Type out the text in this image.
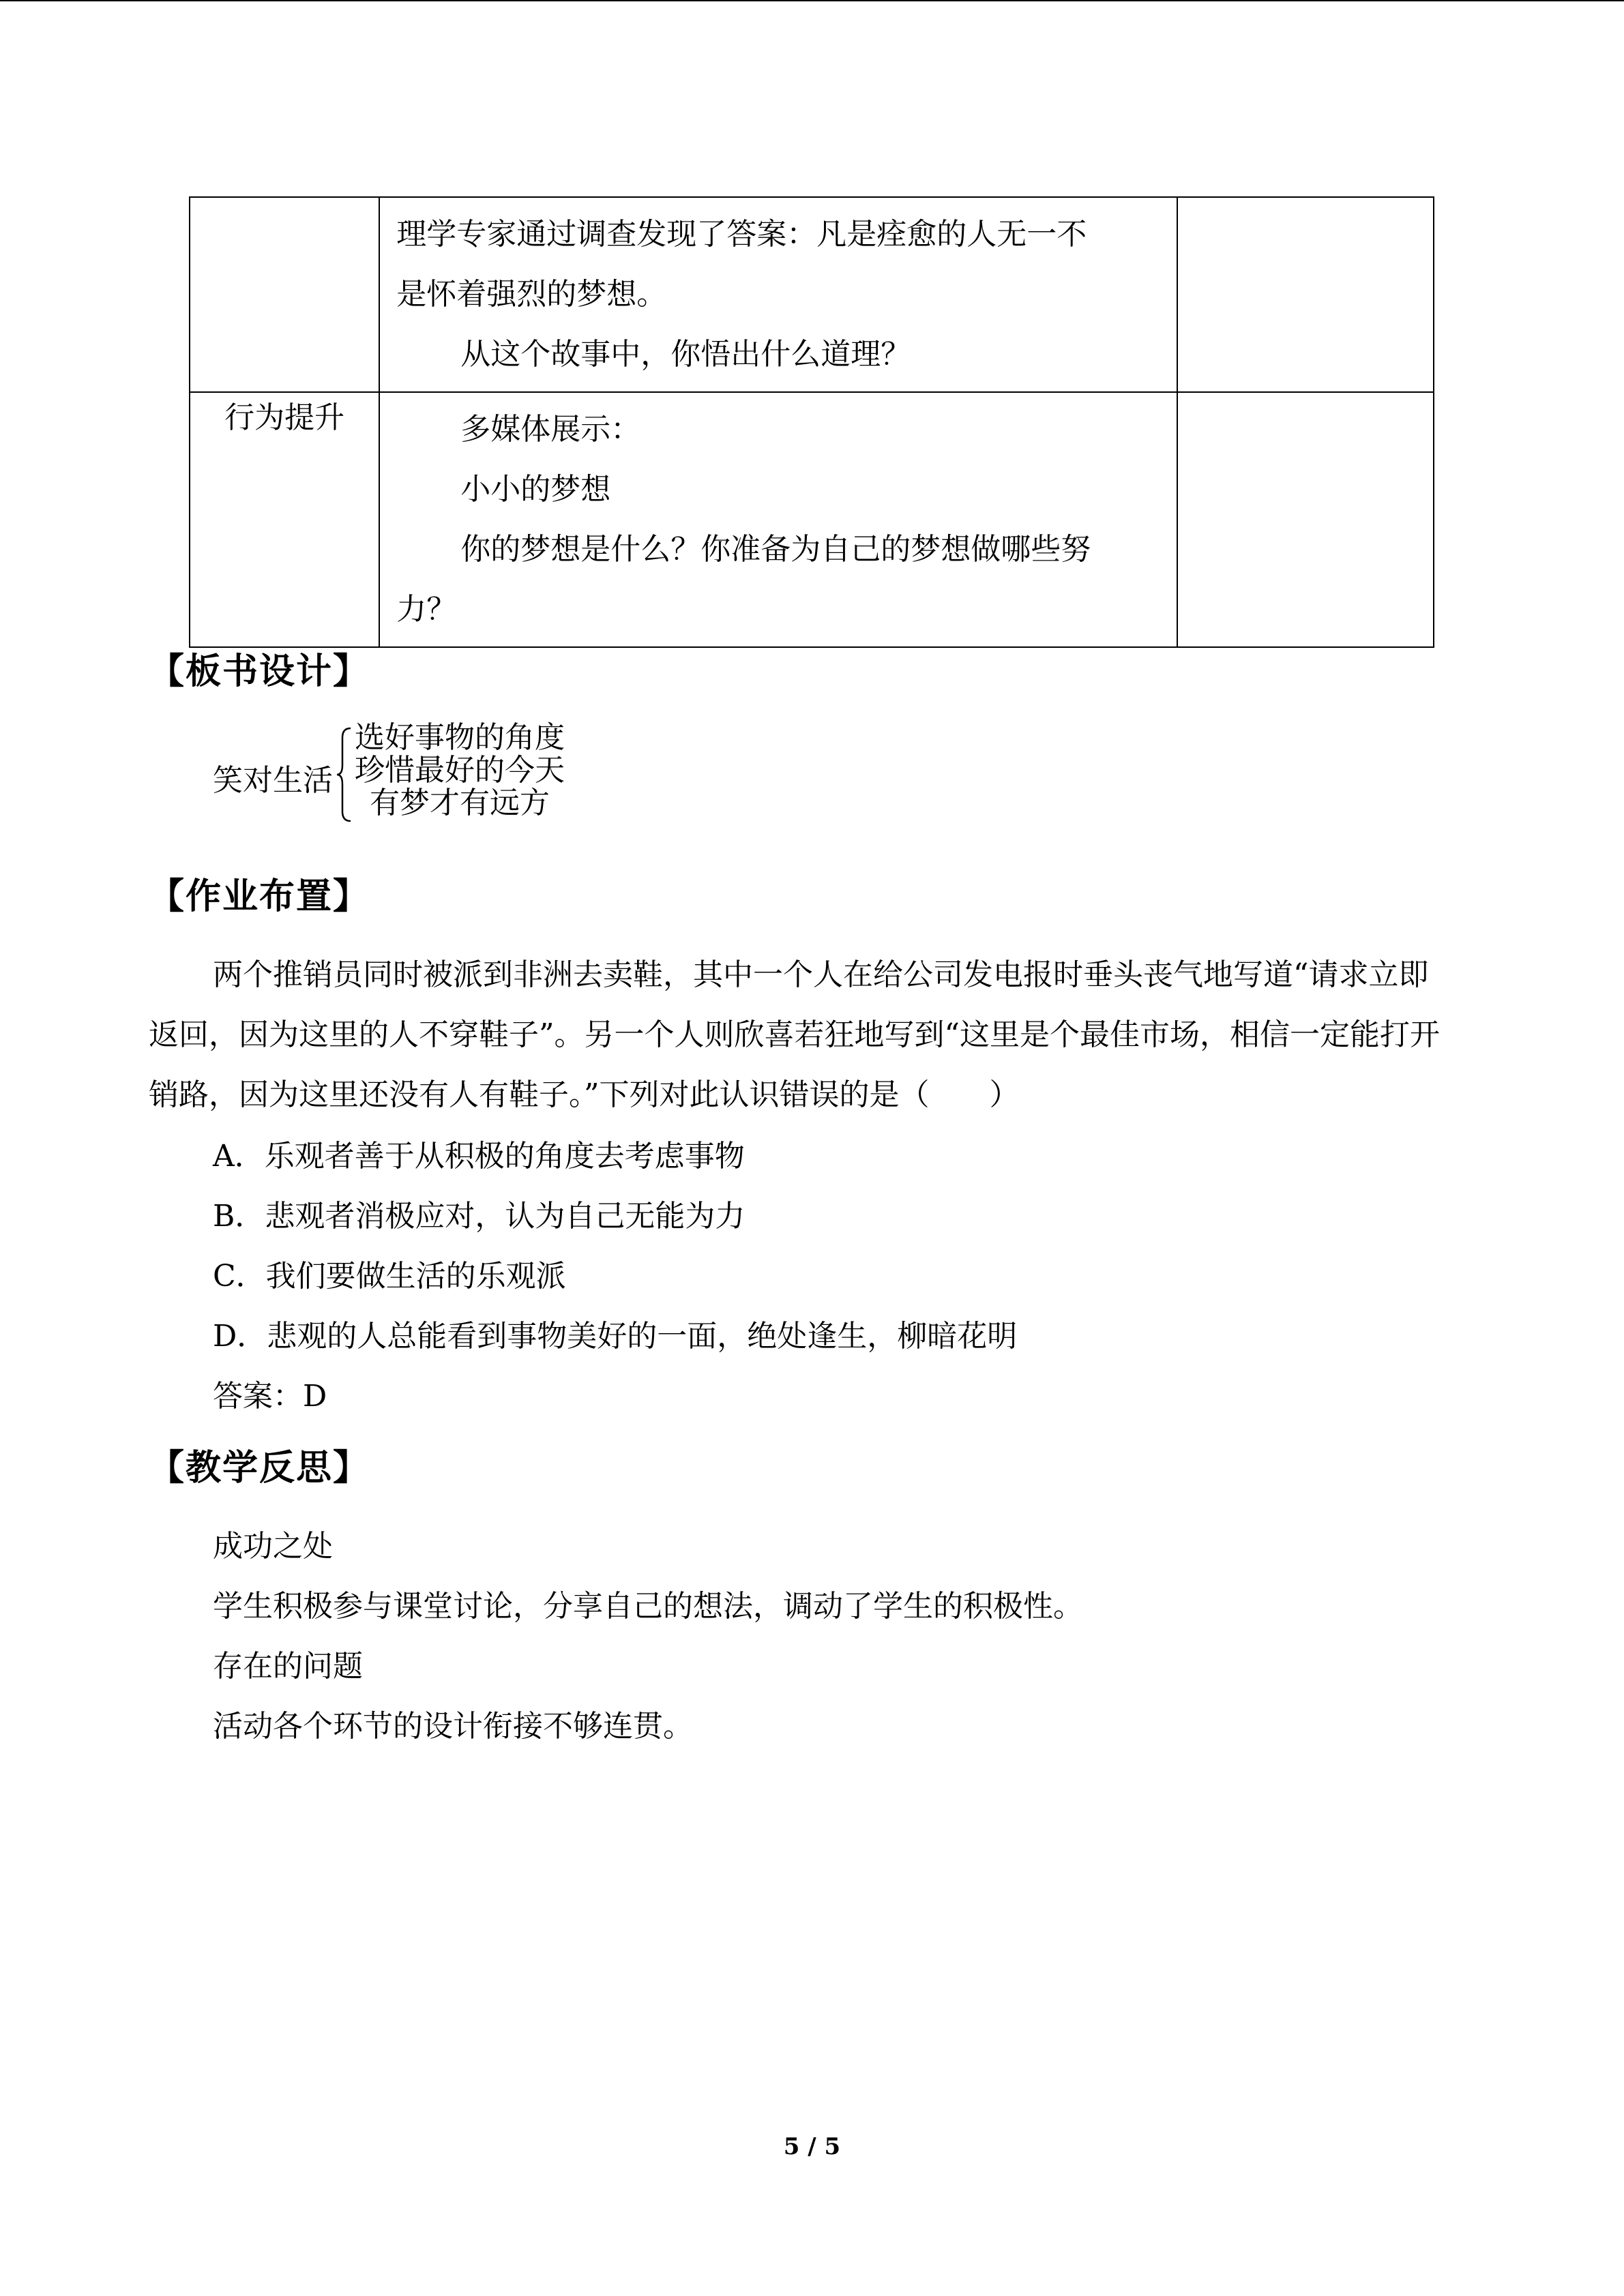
	理学专家通过调查发现了答案：凡是痊愈的人无一不

是怀着强烈的梦想。

从这个故事中，你悟出什么道理？	

行为提升	多媒体展示：

小小的梦想

你的梦想是什么？你准备为自己的梦想做哪些努

力？	

【板书设计】
笑对生活
选好事物的角度
珍惜最好的今天
有梦才有远方
【作业布置】

两个推销员同时被派到非洲去卖鞋，其中一个人在给公司发电报时垂头丧气地写道“请求立即返回，因为这里的人不穿鞋子”。另一个人则欣喜若狂地写到“这里是个最佳市场，相信一定能打开销路，因为这里还没有人有鞋子。”下列对此认识错误的是（　　）

A．乐观者善于从积极的角度去考虑事物

B．悲观者消极应对，认为自己无能为力

C．我们要做生活的乐观派

D．悲观的人总能看到事物美好的一面，绝处逢生，柳暗花明

答案：D

【教学反思】

成功之处

学生积极参与课堂讨论，分享自己的想法，调动了学生的积极性。

存在的问题

活动各个环节的设计衔接不够连贯。

5 / 5
